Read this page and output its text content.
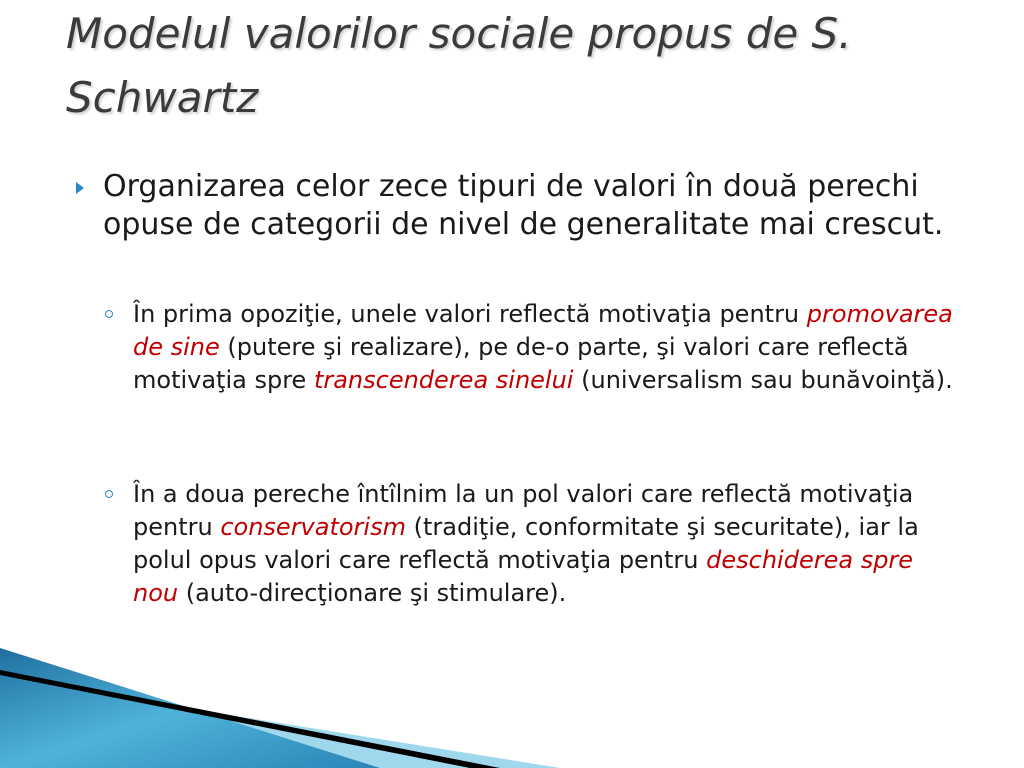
Modelul valorilor sociale propus de S. Schwartz
Organizarea celor zece tipuri de valori în două perechi opuse de categorii de nivel de generalitate mai crescut.
În prima opoziţie, unele valori reflectă motivaţia pentru promovarea de sine (putere şi realizare), pe de-o parte, şi valori care reflectă motivaţia spre transcenderea sinelui (universalism sau bunăvoinţă).
În a doua pereche întîlnim la un pol valori care reflectă motivaţia pentru conservatorism (tradiţie, conformitate şi securitate), iar la polul opus valori care reflectă motivaţia pentru deschiderea spre nou (auto-direcţionare şi stimulare).
